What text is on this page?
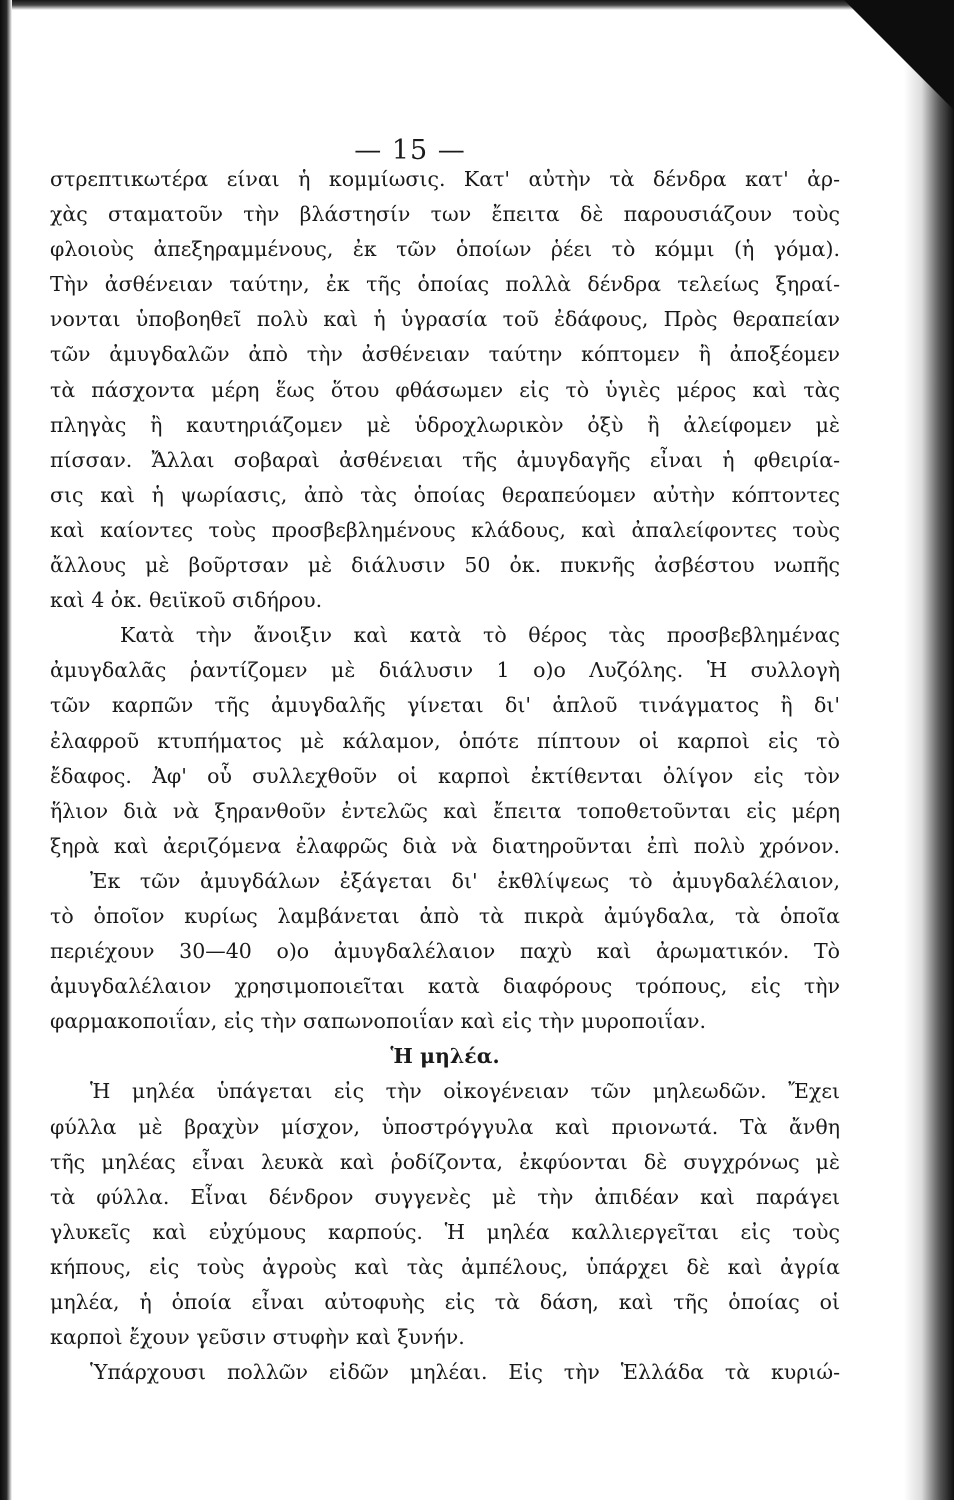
— 15 —
στρεπτικωτέρα είναι ἡ κομμίωσις. Κατ' αὐτὴν τὰ δένδρα κατ' ἀρ-
χὰς σταματοῦν τὴν βλάστησίν των ἔπειτα δὲ παρουσιάζουν τοὺς
φλοιοὺς ἀπεξηραμμένους, ἐκ τῶν ὁποίων ῥέει τὸ κόμμι (ἡ γόμα).
Τὴν ἀσθένειαν ταύτην, ἐκ τῆς ὁποίας πολλὰ δένδρα τελείως ξηραί-
νονται ὑποβοηθεῖ πολὺ καὶ ἡ ὑγρασία τοῦ ἐδάφους, Πρὸς θεραπείαν
τῶν ἀμυγδαλῶν ἀπὸ τὴν ἀσθένειαν ταύτην κόπτομεν ἢ ἀποξέομεν
τὰ πάσχοντα μέρη ἕως ὅτου φθάσωμεν εἰς τὸ ὑγιὲς μέρος καὶ τὰς
πληγὰς ἢ καυτηριάζομεν μὲ ὑδροχλωρικὸν ὀξὺ ἢ ἀλείφομεν μὲ
πίσσαν. Ἄλλαι σοβαραὶ ἀσθένειαι τῆς ἀμυγδαγῆς εἶναι ἡ φθειρία-
σις καὶ ἡ ψωρίασις, ἀπὸ τὰς ὁποίας θεραπεύομεν αὐτὴν κόπτοντες
καὶ καίοντες τοὺς προσβεβλημένους κλάδους, καὶ ἀπαλείφοντες τοὺς
ἄλλους μὲ βοῦρτσαν μὲ διάλυσιν 50 ὀκ. πυκνῆς ἀσβέστου νωπῆς
καὶ 4 ὀκ. θειϊκοῦ σιδήρου.
Κατὰ τὴν ἄνοιξιν καὶ κατὰ τὸ θέρος τὰς προσβεβλημένας
ἀμυγδαλᾶς ῥαντίζομεν μὲ διάλυσιν 1 ο)ο Λυζόλης. Ἡ συλλογὴ
τῶν καρπῶν τῆς ἀμυγδαλῆς γίνεται δι' ἁπλοῦ τινάγματος ἢ δι'
ἐλαφροῦ κτυπήματος μὲ κάλαμον, ὁπότε πίπτουν οἱ καρποὶ εἰς τὸ
ἔδαφος. Ἀφ' οὗ συλλεχθοῦν οἱ καρποὶ ἐκτίθενται ὀλίγον εἰς τὸν
ἥλιον διὰ νὰ ξηρανθοῦν ἐντελῶς καὶ ἔπειτα τοποθετοῦνται εἰς μέρη
ξηρὰ καὶ ἀεριζόμενα ἐλαφρῶς διὰ νὰ διατηροῦνται ἐπὶ πολὺ χρόνον.
Ἐκ τῶν ἀμυγδάλων ἐξάγεται δι' ἐκθλίψεως τὸ ἀμυγδαλέλαιον,
τὸ ὁποῖον κυρίως λαμβάνεται ἀπὸ τὰ πικρὰ ἀμύγδαλα, τὰ ὁποῖα
περιέχουν 30—40 ο)ο ἀμυγδαλέλαιον παχὺ καὶ ἀρωματικόν. Τὸ
ἀμυγδαλέλαιον χρησιμοποιεῖται κατὰ διαφόρους τρόπους, εἰς τὴν
φαρμακοποιΐαν, εἰς τὴν σαπωνοποιΐαν καὶ εἰς τὴν μυροποιΐαν.
Ἡ μηλέα.
Ἡ μηλέα ὑπάγεται εἰς τὴν οἰκογένειαν τῶν μηλεωδῶν. Ἔχει
φύλλα μὲ βραχὺν μίσχον, ὑποστρόγγυλα καὶ πριονωτά. Τὰ ἄνθη
τῆς μηλέας εἶναι λευκὰ καὶ ῥοδίζοντα, ἐκφύονται δὲ συγχρόνως μὲ
τὰ φύλλα. Εἶναι δένδρον συγγενὲς μὲ τὴν ἀπιδέαν καὶ παράγει
γλυκεῖς καὶ εὐχύμους καρπούς. Ἡ μηλέα καλλιεργεῖται εἰς τοὺς
κήπους, εἰς τοὺς ἀγροὺς καὶ τὰς ἀμπέλους, ὑπάρχει δὲ καὶ ἀγρία
μηλέα, ἡ ὁποία εἶναι αὐτοφυὴς εἰς τὰ δάση, καὶ τῆς ὁποίας οἱ
καρποὶ ἔχουν γεῦσιν στυφὴν καὶ ξυνήν.
Ὑπάρχουσι πολλῶν εἰδῶν μηλέαι. Εἰς τὴν Ἑλλάδα τὰ κυριώ-
